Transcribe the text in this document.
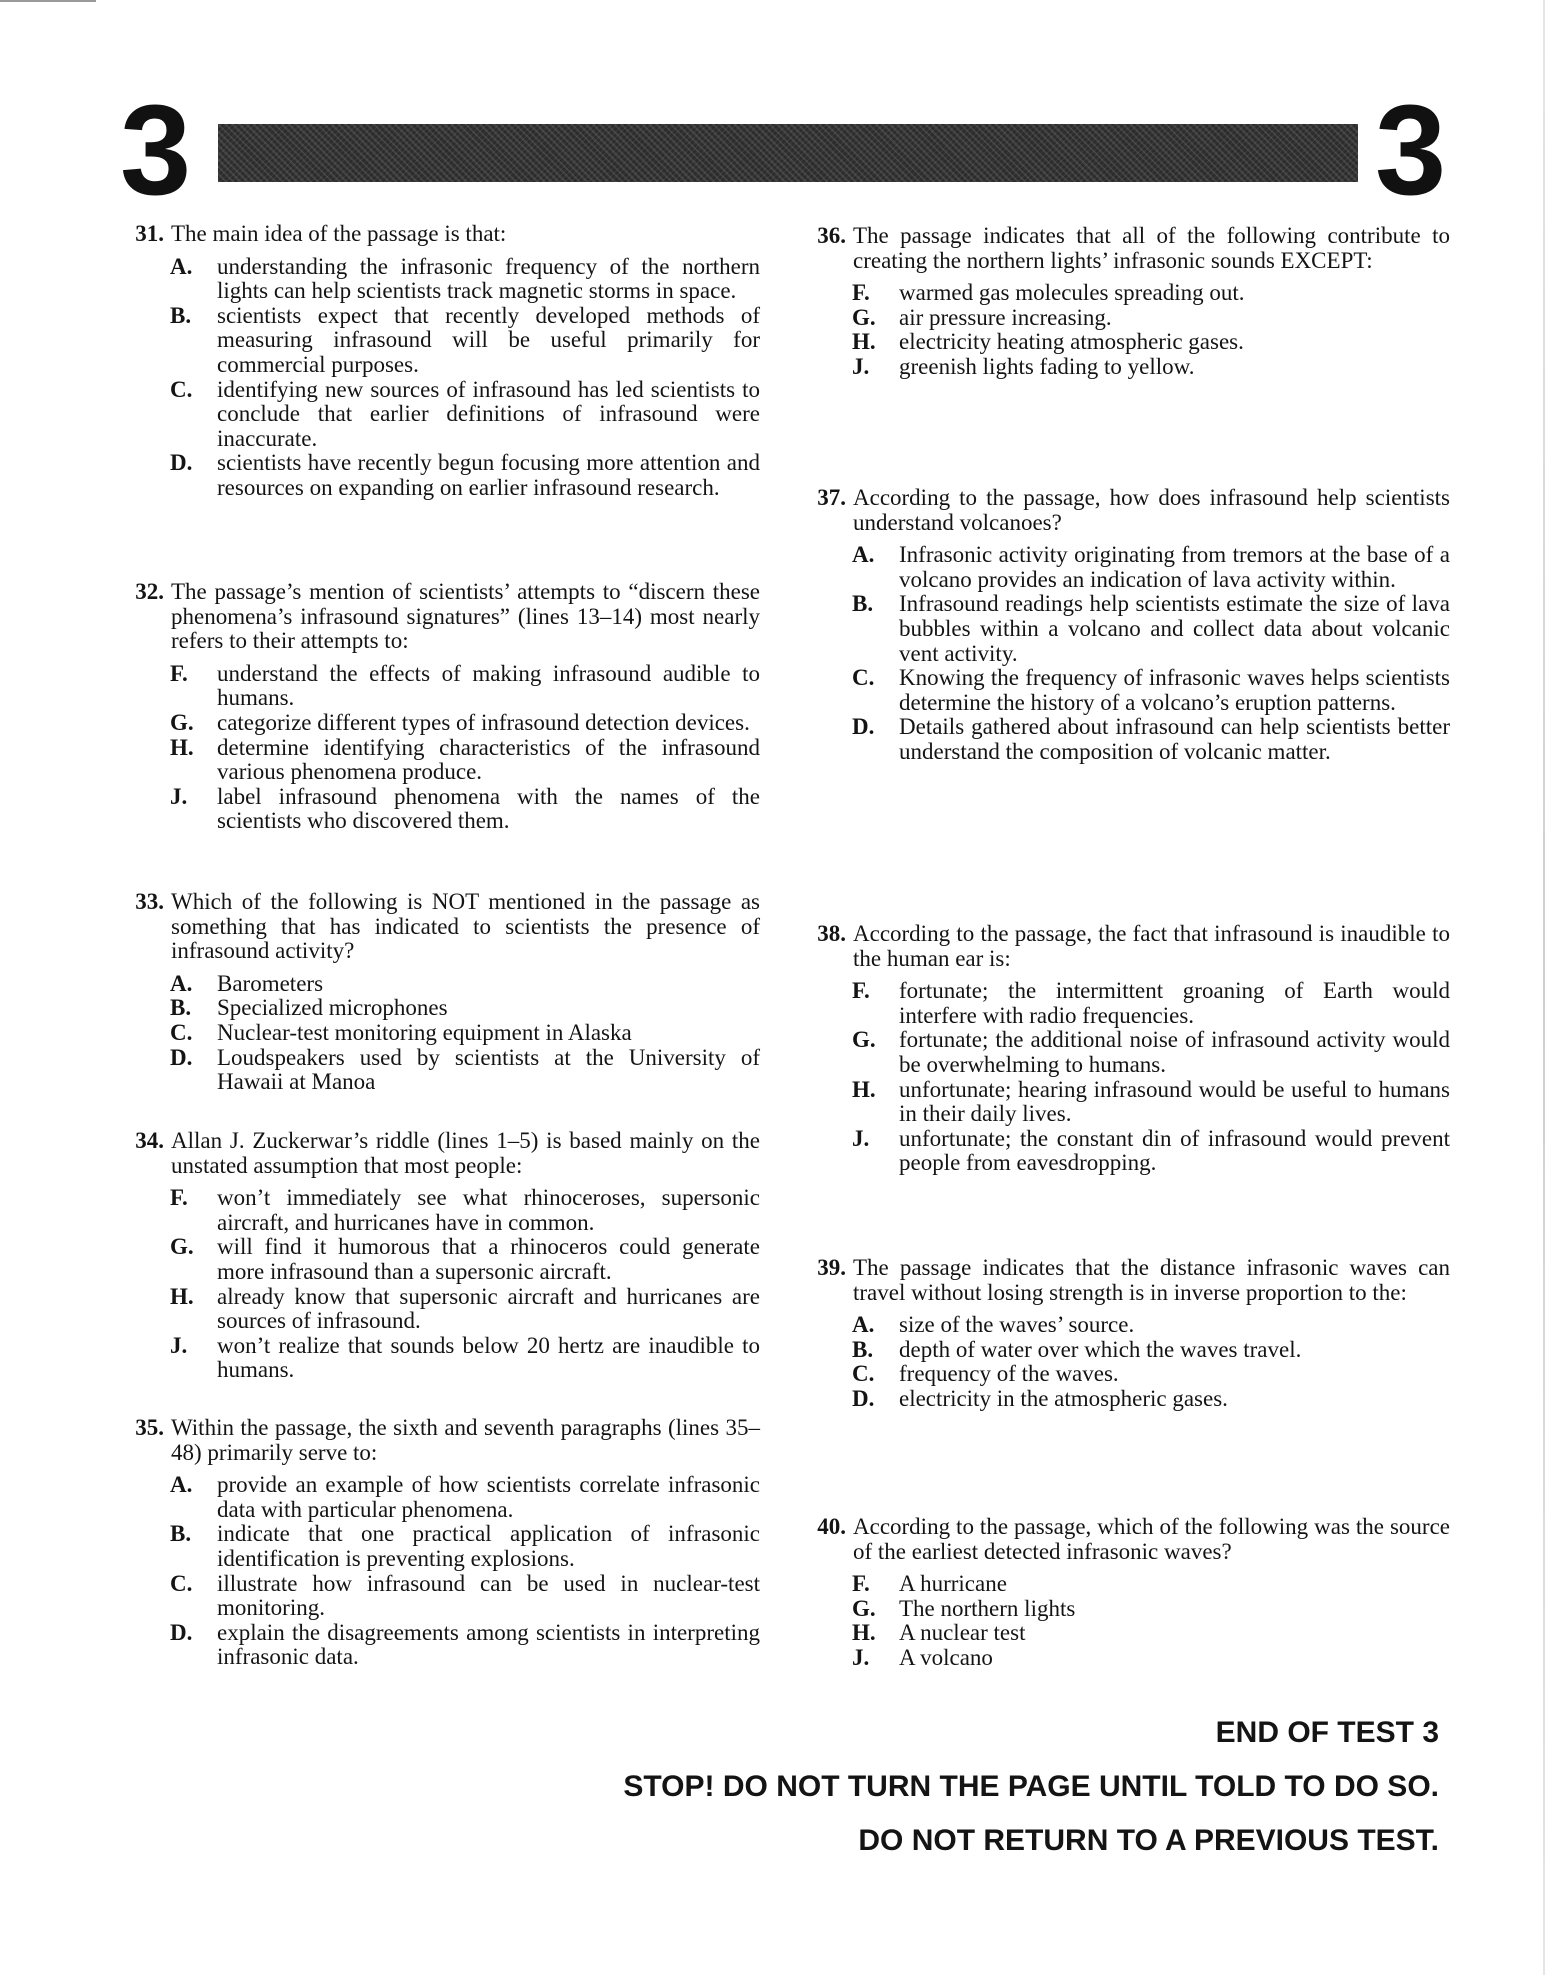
3	3
31. The main idea of the passage is that:
A.	understanding the infrasonic frequency of the northern lights can help scientists track magnetic storms in space.
B.	scientists expect that recently developed methods of measuring infrasound will be useful primarily for commercial purposes.
C.	identifying new sources of infrasound has led scientists to conclude that earlier definitions of infrasound were inaccurate.
D.	scientists have recently begun focusing more attention and resources on expanding on earlier infrasound research.
32. The passage’s mention of scientists’ attempts to “discern these phenomena’s infrasound signatures” (lines 13–14) most nearly refers to their attempts to:
F.	understand the effects of making infrasound audible to humans.
G.	categorize different types of infrasound detection devices.
H.	determine identifying characteristics of the infrasound various phenomena produce.
J.	label infrasound phenomena with the names of the scientists who discovered them.
33. Which of the following is NOT mentioned in the passage as something that has indicated to scientists the presence of infrasound activity?
A.	Barometers
B.	Specialized microphones
C.	Nuclear-test monitoring equipment in Alaska
D.	Loudspeakers used by scientists at the University of Hawaii at Manoa
34. Allan J. Zuckerwar’s riddle (lines 1–5) is based mainly on the unstated assumption that most people:
F.	won’t immediately see what rhinoceroses, supersonic aircraft, and hurricanes have in common.
G.	will find it humorous that a rhinoceros could generate more infrasound than a supersonic aircraft.
H.	already know that supersonic aircraft and hurricanes are sources of infrasound.
J.	won’t realize that sounds below 20 hertz are inaudible to humans.
35. Within the passage, the sixth and seventh paragraphs (lines 35–48) primarily serve to:
A.	provide an example of how scientists correlate infrasonic data with particular phenomena.
B.	indicate that one practical application of infrasonic identification is preventing explosions.
C.	illustrate how infrasound can be used in nuclear-test monitoring.
D.	explain the disagreements among scientists in interpreting infrasonic data.
36. The passage indicates that all of the following contribute to creating the northern lights’ infrasonic sounds EXCEPT:
F.	warmed gas molecules spreading out.
G.	air pressure increasing.
H.	electricity heating atmospheric gases.
J.	greenish lights fading to yellow.
37. According to the passage, how does infrasound help scientists understand volcanoes?
A.	Infrasonic activity originating from tremors at the base of a volcano provides an indication of lava activity within.
B.	Infrasound readings help scientists estimate the size of lava bubbles within a volcano and collect data about volcanic vent activity.
C.	Knowing the frequency of infrasonic waves helps scientists determine the history of a volcano’s eruption patterns.
D.	Details gathered about infrasound can help scientists better understand the composition of volcanic matter.
38. According to the passage, the fact that infrasound is inaudible to the human ear is:
F.	fortunate; the intermittent groaning of Earth would interfere with radio frequencies.
G.	fortunate; the additional noise of infrasound activity would be overwhelming to humans.
H.	unfortunate; hearing infrasound would be useful to humans in their daily lives.
J.	unfortunate; the constant din of infrasound would prevent people from eavesdropping.
39. The passage indicates that the distance infrasonic waves can travel without losing strength is in inverse proportion to the:
A.	size of the waves’ source.
B.	depth of water over which the waves travel.
C.	frequency of the waves.
D.	electricity in the atmospheric gases.
40. According to the passage, which of the following was the source of the earliest detected infrasonic waves?
F.	A hurricane
G.	The northern lights
H.	A nuclear test
J.	A volcano
END OF TEST 3
STOP! DO NOT TURN THE PAGE UNTIL TOLD TO DO SO.
DO NOT RETURN TO A PREVIOUS TEST.
